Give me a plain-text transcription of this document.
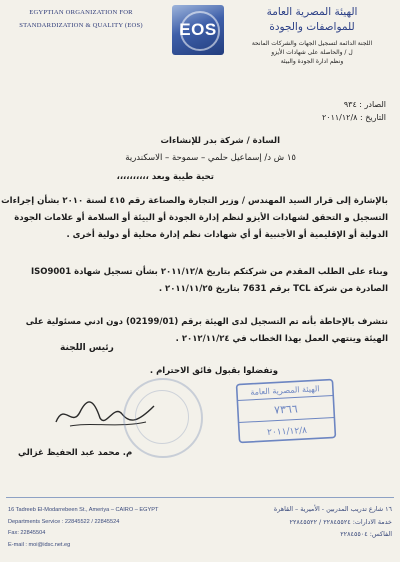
EGYPTIAN ORGANIZATION FOR
STANDARDIZATION & QUALITY (EOS)	EOS
الهيئة المصرية العامة
للمواصفات والجودة
اللجنة الدائمة لتسجيل الجهات والشركات المانحة
ل / والحاصلة على شهادات الأيزو
ونظم ادارة الجودة والبيئة
الصادر : ٩٣٤
التاريخ : ٢٠١١/١٢/٨
السادة / شركة بدر للإنشاءات
١٥ ش د/ إسماعيل حلمي – سموحة – الاسكندرية
تحية طيبة وبعد ،،،،،،،،،،
بالإشارة إلى قرار السيد المهندس / وزير التجارة والصناعة رقم ٤١٥ لسنة ٢٠١٠ بشأن إجراءات
التسجيل و التحقق لشهادات الأيزو لنظم إدارة الجودة أو البيئة أو السلامة أو علامات الجودة
الدولية أو الإقليمية أو الأجنبية أو أي شهادات نظم إدارة محلية أو دولية أخرى .
وبناء على الطلب المقدم من شركتكم بتاريخ ٢٠١١/١٢/٨ بشأن تسجيل شهادة ISO9001
الصادرة من شركة TCL برقم 7631 بتاريخ ٢٠١١/١١/٢٥ .
نتشرف بالإحاطة بأنه تم التسجيل لدى الهيئة برقم (02199/01) دون ادني مسئولية على
الهيئة وينتهي العمل بهذا الخطاب في ٢٠١٢/١١/٢٤ .
وتفضلوا بقبول فائق الاحترام .
رئيس اللجنة
م. محمد عبد الحفيظ غزالي
الهيئة المصرية العامة
٧٣٦٦
٢٠١١/١٢/٨
16 Tadreeb El-Modarrebeen St., Ameriya – CAIRO – EGYPT
Departments Service : 22845522 / 22845524
Fax: 22845504
E-mail : moi@idsc.net.eg
١٦ شارع تدريب المدربين - الأميرية – القاهرة
خدمة الادارات: ٢٢٨٤٥٥٢٤ / ٢٢٨٤٥٥٢٢
الفاكس: ٢٢٨٤٥٥٠٤
